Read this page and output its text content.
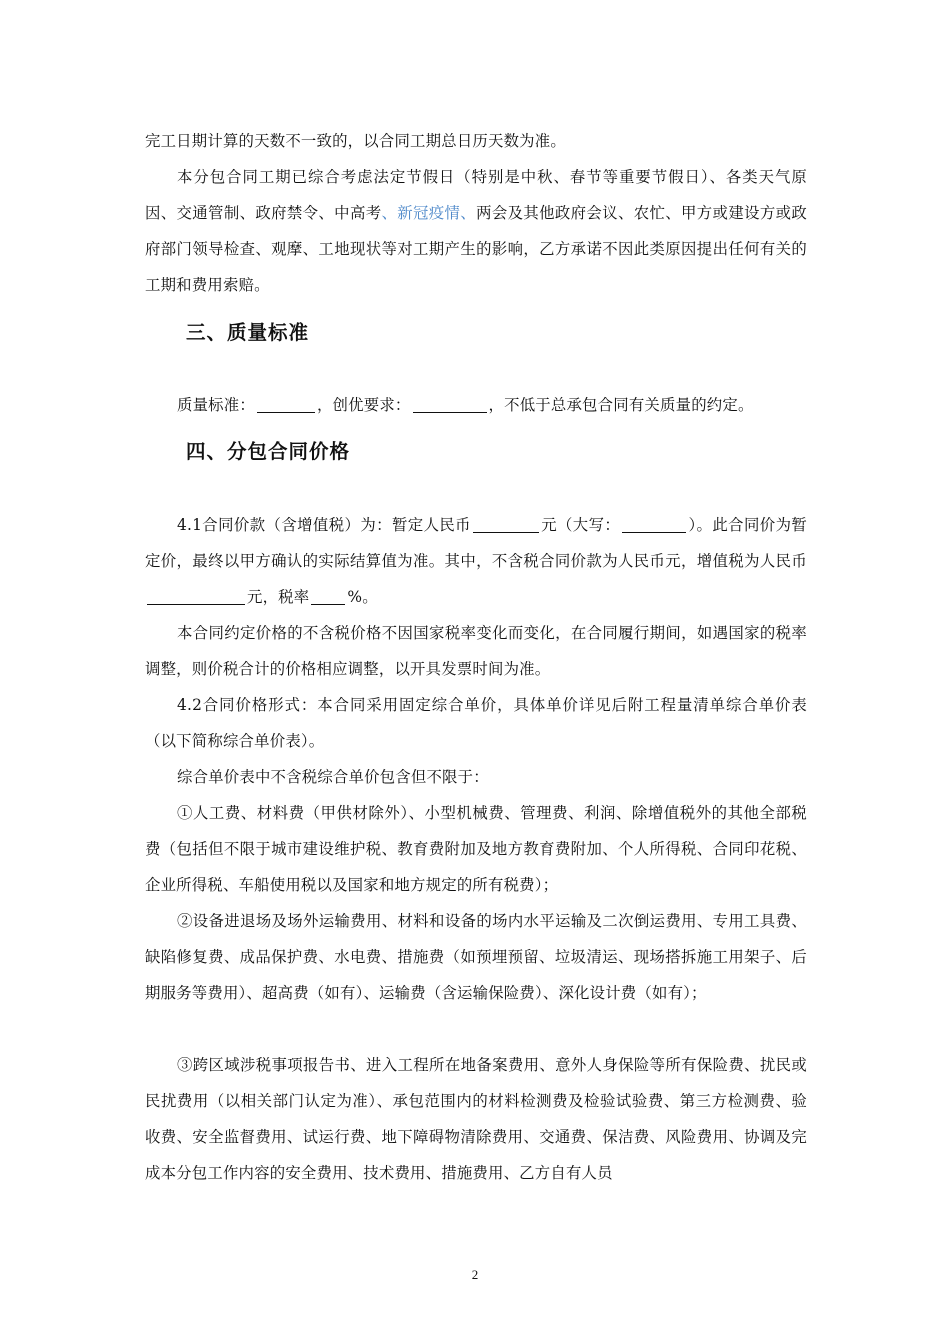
完工日期计算的天数不一致的，以合同工期总日历天数为准。

本分包合同工期已综合考虑法定节假日（特别是中秋、春节等重要节假日）、各类天气原因、交通管制、政府禁令、中高考、新冠疫情、两会及其他政府会议、农忙、甲方或建设方或政府部门领导检查、观摩、工地现状等对工期产生的影响，乙方承诺不因此类原因提出任何有关的工期和费用索赔。

三、质量标准

质量标准：	，创优要求：	，不低于总承包合同有关质量的约定。

四、分包合同价格

4.1合同价款（含增值税）为：暂定人民币	元（大写：	）。此合同价为暂定价，最终以甲方确认的实际结算值为准。其中，不含税合同价款为人民币元，增值税为人民币元，税率 %。

本合同约定价格的不含税价格不因国家税率变化而变化，在合同履行期间，如遇国家的税率调整，则价税合计的价格相应调整，以开具发票时间为准。

4.2合同价格形式：本合同采用固定综合单价，具体单价详见后附工程量清单综合单价表（以下简称综合单价表）。

综合单价表中不含税综合单价包含但不限于：

①人工费、材料费（甲供材除外）、小型机械费、管理费、利润、除增值税外的其他全部税费（包括但不限于城市建设维护税、教育费附加及地方教育费附加、个人所得税、合同印花税、企业所得税、车船使用税以及国家和地方规定的所有税费）；

②设备进退场及场外运输费用、材料和设备的场内水平运输及二次倒运费用、专用工具费、缺陷修复费、成品保护费、水电费、措施费（如预埋预留、垃圾清运、现场搭拆施工用架子、后期服务等费用）、超高费（如有）、运输费（含运输保险费）、深化设计费（如有）；

③跨区域涉税事项报告书、进入工程所在地备案费用、意外人身保险等所有保险费、扰民或民扰费用（以相关部门认定为准）、承包范围内的材料检测费及检验试验费、第三方检测费、验收费、安全监督费用、试运行费、地下障碍物清除费用、交通费、保洁费、风险费用、协调及完成本分包工作内容的安全费用、技术费用、措施费用、乙方自有人员

2
